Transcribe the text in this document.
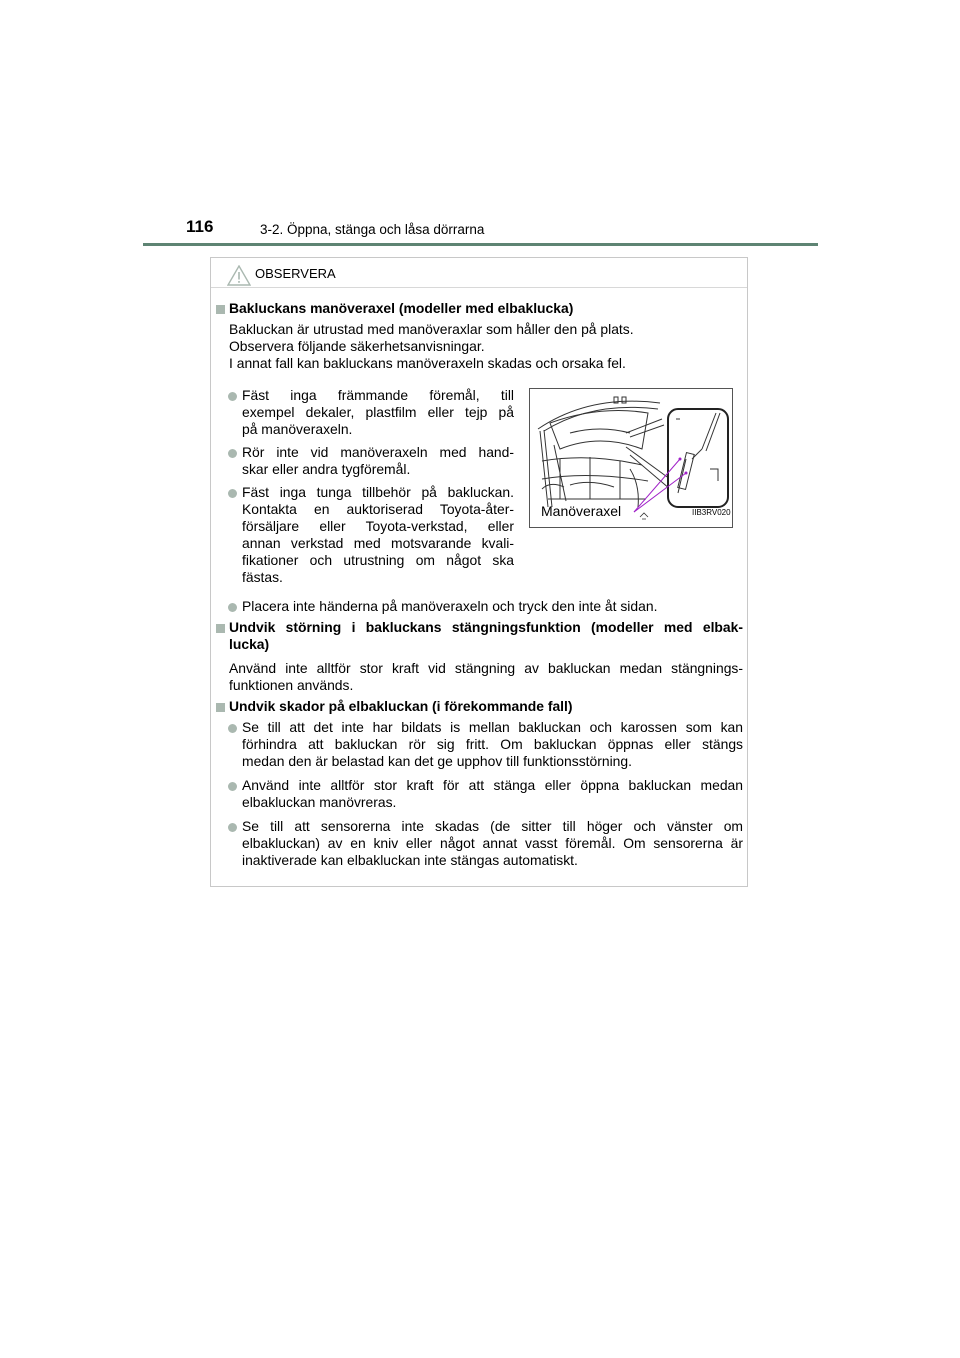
116	3-2. Öppna, stänga och låsa dörrarna
OBSERVERA
Bakluckans manöveraxel (modeller med elbaklucka)
Bakluckan är utrustad med manöveraxlar som håller den på plats.
Observera följande säkerhetsanvisningar.
I annat fall kan bakluckans manöveraxeln skadas och orsaka fel.
Fäst inga främmande föremål, till
exempel dekaler, plastfilm eller tejp på
på manöveraxeln.
Rör inte vid manöveraxeln med hand-
skar eller andra tygföremål.
Fäst inga tunga tillbehör på bakluckan.
Kontakta en auktoriserad Toyota-åter-
försäljare eller Toyota-verkstad, eller
annan verkstad med motsvarande kvali-
fikationer och utrustning om något ska
fästas.
Manöveraxel	IIB3RV020
Placera inte händerna på manöveraxeln och tryck den inte åt sidan.
Undvik störning i bakluckans stängningsfunktion (modeller med elbak-
lucka)
Använd inte alltför stor kraft vid stängning av bakluckan medan stängnings-
funktionen används.
Undvik skador på elbakluckan (i förekommande fall)
Se till att det inte har bildats is mellan bakluckan och karossen som kan
förhindra att bakluckan rör sig fritt. Om bakluckan öppnas eller stängs
medan den är belastad kan det ge upphov till funktionsstörning.
Använd inte alltför stor kraft för att stänga eller öppna bakluckan medan
elbakluckan manövreras.
Se till att sensorerna inte skadas (de sitter till höger och vänster om
elbakluckan) av en kniv eller något annat vasst föremål. Om sensorerna är
inaktiverade kan elbakluckan inte stängas automatiskt.
